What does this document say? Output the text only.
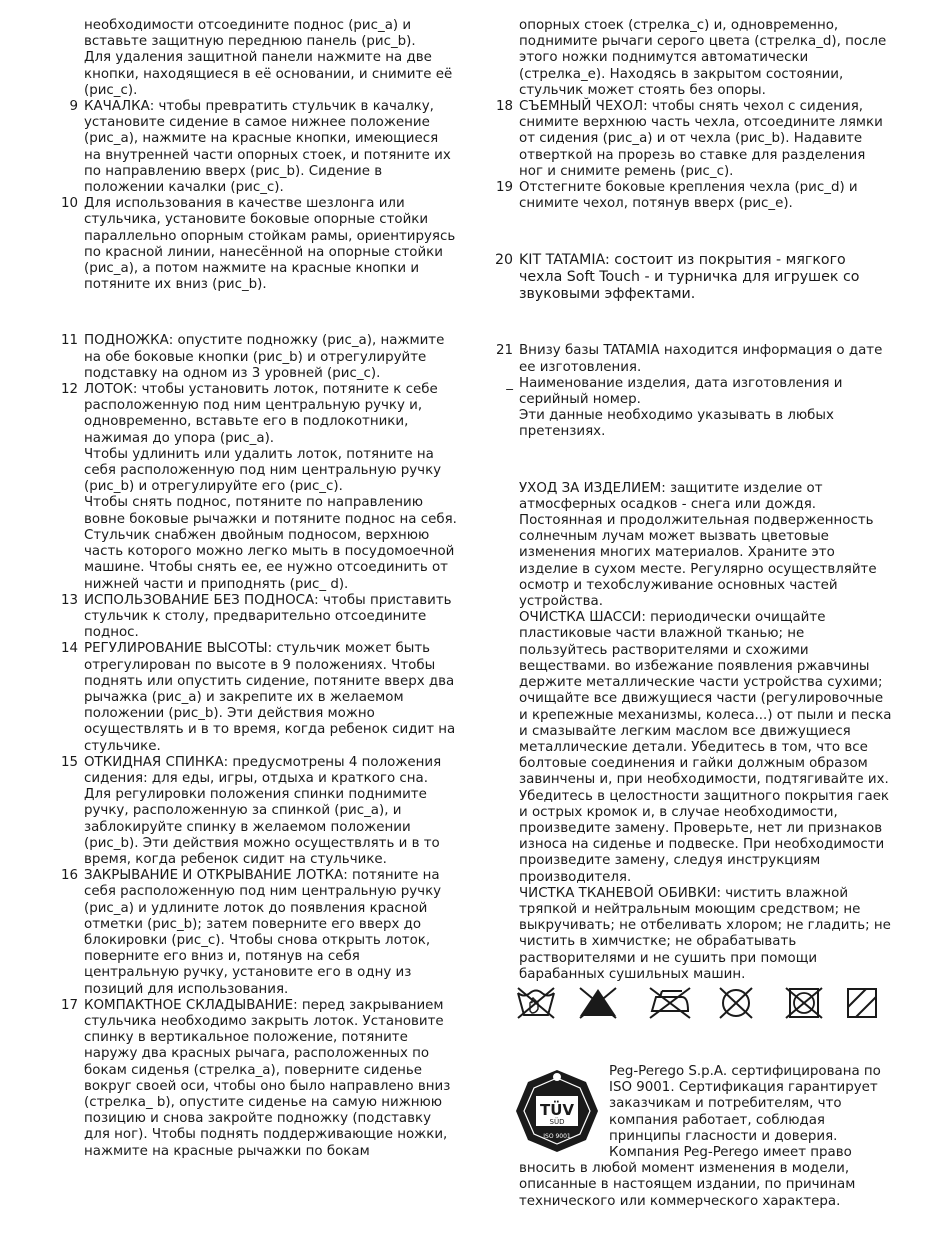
необходимости отсоедините поднос (рис_a) и вставьте защитную переднюю панель (рис_b).
Для удаления защитной панели нажмите на две кнопки, находящиеся в её основании, и снимите её (рис_c).
9 КАЧАЛКА: чтобы превратить стульчик в качалку, установите сидение в самое нижнее положение (рис_a), нажмите на красные кнопки, имеющиеся на внутренней части опорных стоек, и потяните их по направлению вверх (рис_b). Сидение в положении качалки (рис_c).
10 Для использования в качестве шезлонга или стульчика, установите боковые опорные стойки параллельно опорным стойкам рамы, ориентируясь по красной линии, нанесённой на опорные стойки (рис_a), а потом нажмите на красные кнопки и потяните их вниз (рис_b).
11 ПОДНОЖКА: опустите подножку (рис_a), нажмите на обе боковые кнопки (рис_b) и отрегулируйте подставку на одном из 3 уровней (рис_c).
12 ЛОТОК: чтобы установить лоток, потяните к себе расположенную под ним центральную ручку и, одновременно, вставьте его в подлокотники, нажимая до упора (рис_a).
Чтобы удлинить или удалить лоток, потяните на себя расположенную под ним центральную ручку (рис_b) и отрегулируйте его (рис_c).
Чтобы снять поднос, потяните по направлению вовне боковые рычажки и потяните поднос на себя.
Стульчик снабжен двойным подносом, верхнюю часть которого можно легко мыть в посудомоечной машине. Чтобы снять ее, ее нужно отсоединить от нижней части и приподнять (рис_ d).
13 ИСПОЛЬЗОВАНИЕ БЕЗ ПОДНОСА: чтобы приставить стульчик к столу, предварительно отсоедините поднос.
14 РЕГУЛИРОВАНИЕ ВЫСОТЫ: стульчик может быть отрегулирован по высоте в 9 положениях. Чтобы поднять или опустить сидение, потяните вверх два рычажка (рис_a) и закрепите их в желаемом положении (рис_b). Эти действия можно осуществлять и в то время, когда ребенок сидит на стульчике.
15 ОТКИДНАЯ СПИНКА: предусмотрены 4 положения сидения: для еды, игры, отдыха и краткого сна. Для регулировки положения спинки поднимите ручку, расположенную за спинкой (рис_a), и заблокируйте спинку в желаемом положении (рис_b). Эти действия можно осуществлять и в то время, когда ребенок сидит на стульчике.
16 ЗАКРЫВАНИЕ И ОТКРЫВАНИЕ ЛОТКА: потяните на себя расположенную под ним центральную ручку (рис_a) и удлините лоток до появления красной отметки (рис_b); затем поверните его вверх до блокировки (рис_c). Чтобы снова открыть лоток, поверните его вниз и, потянув на себя центральную ручку, установите его в одну из позиций для использования.
17 КОМПАКТНОЕ СКЛАДЫВАНИЕ: перед закрыванием стульчика необходимо закрыть лоток. Установите спинку в вертикальное положение, потяните наружу два красных рычага, расположенных по бокам сиденья (стрелка_a), поверните сиденье вокруг своей оси, чтобы оно было направлено вниз (стрелка_ b), опустите сиденье на самую нижнюю позицию и снова закройте подножку (подставку для ног). Чтобы поднять поддерживающие ножки, нажмите на красные рычажки по бокам
опорных стоек (стрелка_c) и, одновременно, поднимите рычаги серого цвета (стрелка_d), после этого ножки поднимутся автоматически (стрелка_e). Находясь в закрытом состоянии, стульчик может стоять без опоры.
18 СЪЕМНЫЙ ЧЕХОЛ: чтобы снять чехол с сидения, снимите верхнюю часть чехла, отсоедините лямки от сидения (рис_a) и от чехла (рис_b). Надавите отверткой на прорезь во ставке для разделения ног и снимите ремень (рис_c).
19 Отстегните боковые крепления чехла (рис_d) и снимите чехол, потянув вверх (рис_e).
20 KIT TATAMIA: состоит из покрытия - мягкого чехла Soft Touch - и турничка для игрушек со звуковыми эффектами.
21 Внизу базы TATAMIA находится информация о дате ее изготовления.
_ Наименование изделия, дата изготовления и серийный номер.
Эти данные необходимо указывать в любых претензиях.
УХОД ЗА ИЗДЕЛИЕМ: защитите изделие от атмосферных осадков - снега или дождя. Постоянная и продолжительная подверженность солнечным лучам может вызвать цветовые изменения многих материалов. Храните это изделие в сухом месте. Регулярно осуществляйте осмотр и техобслуживание основных частей устройства.
ОЧИСТКА ШАССИ: периодически очищайте пластиковые части влажной тканью; не пользуйтесь растворителями и схожими веществами. во избежание появления ржавчины держите металлические части устройства сухими; очищайте все движущиеся части (регулировочные и крепежные механизмы, колеса...) от пыли и песка и смазывайте легким маслом все движущиеся металлические детали. Убедитесь в том, что все болтовые соединения и гайки должным образом завинчены и, при необходимости, подтягивайте их. Убедитесь в целостности защитного покрытия гаек и острых кромок и, в случае необходимости, произведите замену. Проверьте, нет ли признаков износа на сиденье и подвеске. При необходимости произведите замену, следуя инструкциям производителя.
ЧИСТКА ТКАНЕВОЙ ОБИВКИ: чистить влажной тряпкой и нейтральным моющим средством; не выкручивать; не отбеливать хлором; не гладить; не чистить в химчистке; не обрабатывать растворителями и не сушить при помощи барабанных сушильных машин.
TÜV
SÜD
ISO 9001
Peg-Perego S.p.A. сертифицирована по ISO 9001. Сертификация гарантирует заказчикам и потребителям, что компания работает, соблюдая принципы гласности и доверия. Компания Peg-Perego имеет право
вносить в любой момент изменения в модели, описанные в настоящем издании, по причинам технического или коммерческого характера.
